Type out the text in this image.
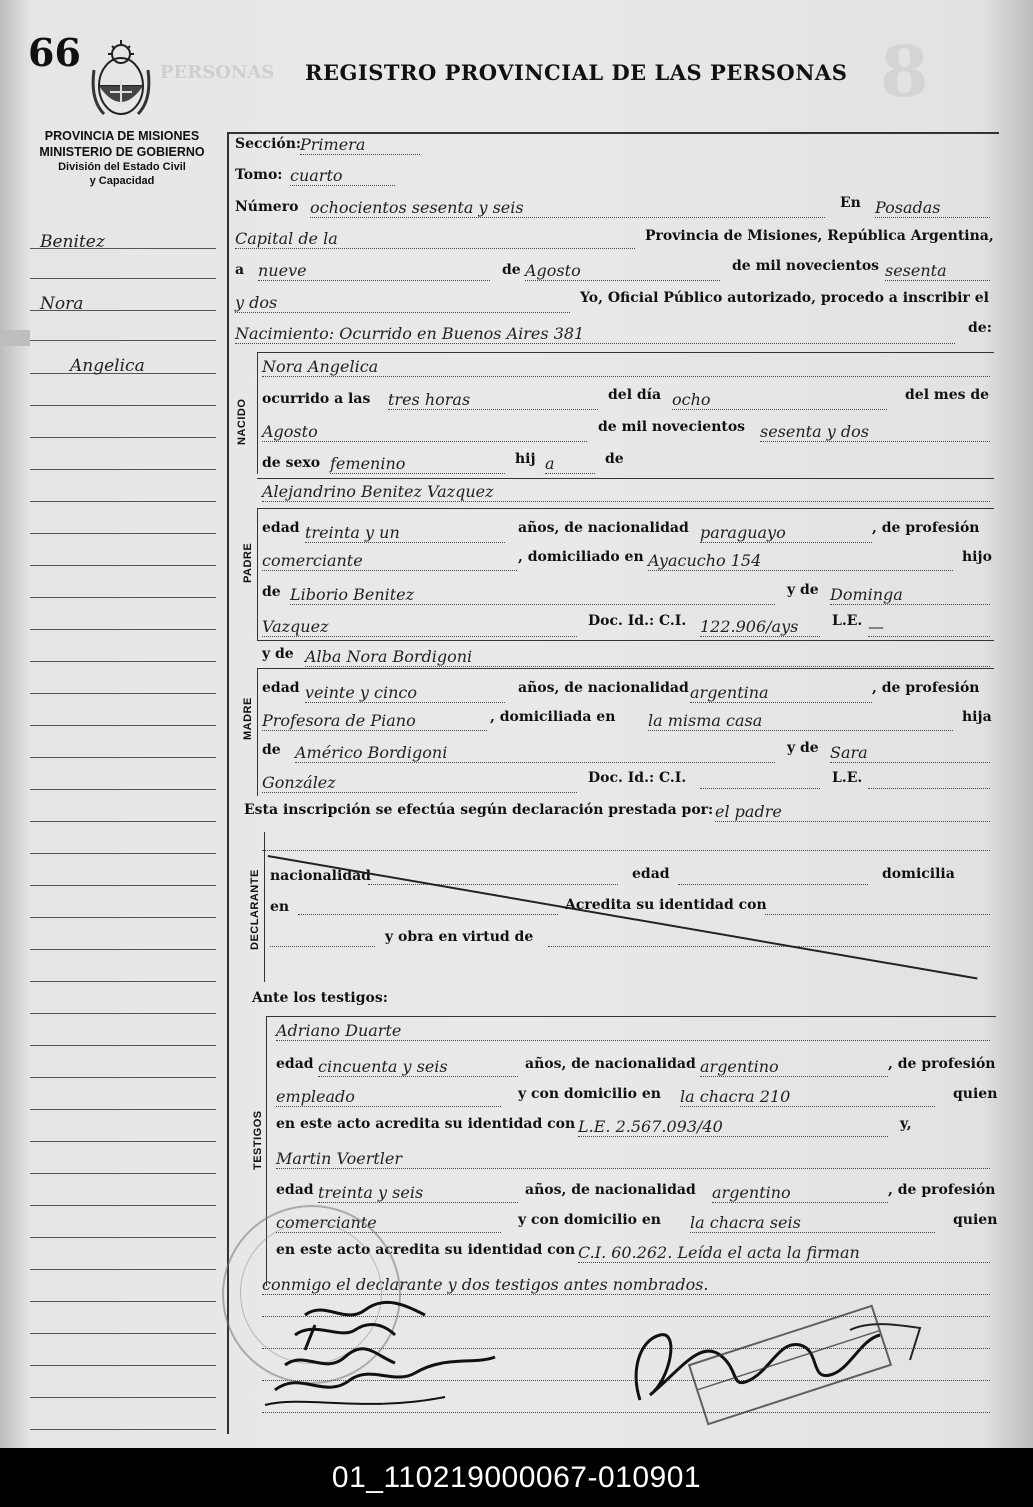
8
PERSONAS
66	REGISTRO PROVINCIAL DE LAS PERSONAS
PROVINCIA DE MISIONES
MINISTERIO DE GOBIERNO
División del Estado Civil
y Capacidad
Benitez
Nora
Angelica
Sección:
Primera
Tomo: cuarto
Número ochocientos sesenta y seis	En Posadas
Capital de la	Provincia de Misiones, República Argentina,
a nueve	de Agosto	de mil novecientos sesenta
y dos	Yo, Oficial Público autorizado, procedo a inscribir el
Nacimiento: Ocurrido en Buenos Aires 381	de:
NACIDO
Nora Angelica
ocurrido a las tres horas	del día ocho	del mes de
Agosto	de mil novecientos sesenta y dos
de sexo femenino	hij a	de
Alejandrino Benitez Vazquez
PADRE
edad treinta y un	años, de nacionalidad paraguayo	, de profesión
comerciante	, domiciliado en Ayacucho 154	hijo
de Liborio Benitez	y de Dominga
Vazquez	Doc. Id.: C.I. 122.906/ays	L.E. —
y de Alba Nora Bordigoni
MADRE
edad veinte y cinco	años, de nacionalidad argentina	, de profesión
Profesora de Piano	, domiciliada en la misma casa	hija
de Américo Bordigoni	y de Sara
González	Doc. Id.: C.I.	L.E.
Esta inscripción se efectúa según declaración prestada por: el padre
DECLARANTE nacionalidad	edad	domicilia
en	Acredita su identidad con
y obra en virtud de
Ante los testigos:
TESTIGOS
Adriano Duarte
edad cincuenta y seis	años, de nacionalidad argentino	, de profesión
empleado	y con domicilio en la chacra 210	quien
en este acto acredita su identidad con L.E. 2.567.093/40	y,
Martin Voertler
edad treinta y seis	años, de nacionalidad argentino	, de profesión
comerciante	y con domicilio en la chacra seis	quien
en este acto acredita su identidad con C.I. 60.262. Leída el acta la firman
conmigo el declarante y dos testigos antes nombrados.
01_110219000067-010901
